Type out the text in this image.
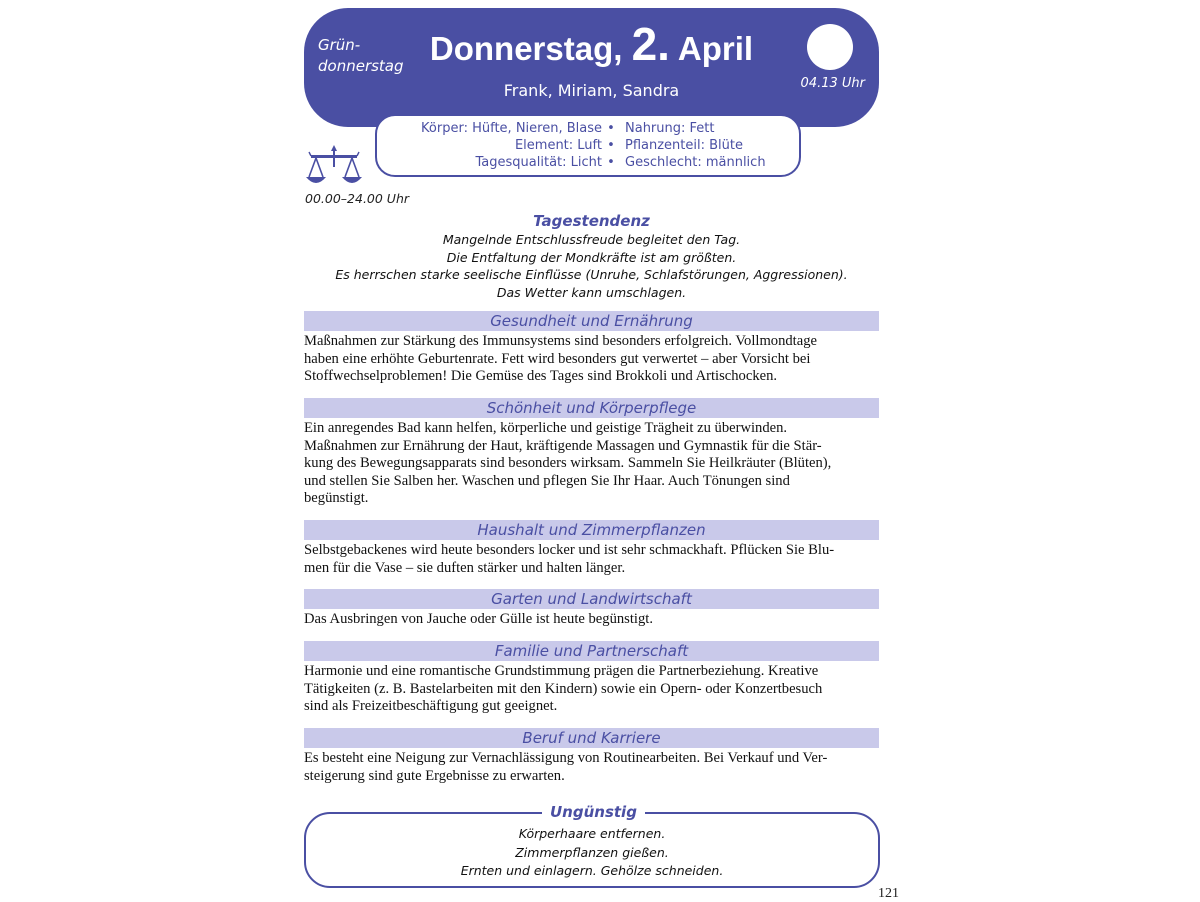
Grün-
donnerstag Donnerstag, 2. April
Frank, Miriam, Sandra	04.13 Uhr
Körper: Hüfte, Nieren, Blase • Nahrung: Fett
Element: Luft • Pflanzenteil: Blüte
Tagesqualität: Licht • Geschlecht: männlich
00.00–24.00 Uhr
Tagestendenz
Mangelnde Entschlussfreude begleitet den Tag.
Die Entfaltung der Mondkräfte ist am größten.
Es herrschen starke seelische Einflüsse (Unruhe, Schlafstörungen, Aggressionen).
Das Wetter kann umschlagen.
Gesundheit und Ernährung
Maßnahmen zur Stärkung des Immunsystems sind besonders erfolgreich. Vollmondtage
haben eine erhöhte Geburtenrate. Fett wird besonders gut verwertet – aber Vorsicht bei
Stoffwechselproblemen! Die Gemüse des Tages sind Brokkoli und Artischocken.
Schönheit und Körperpflege
Ein anregendes Bad kann helfen, körperliche und geistige Trägheit zu überwinden.
Maßnahmen zur Ernährung der Haut, kräftigende Massagen und Gymnastik für die Stär-
kung des Bewegungsapparats sind besonders wirksam. Sammeln Sie Heilkräuter (Blüten),
und stellen Sie Salben her. Waschen und pflegen Sie Ihr Haar. Auch Tönungen sind
begünstigt.
Haushalt und Zimmerpflanzen
Selbstgebackenes wird heute besonders locker und ist sehr schmackhaft. Pflücken Sie Blu-
men für die Vase – sie duften stärker und halten länger.
Garten und Landwirtschaft
Das Ausbringen von Jauche oder Gülle ist heute begünstigt.
Familie und Partnerschaft
Harmonie und eine romantische Grundstimmung prägen die Partnerbeziehung. Kreative
Tätigkeiten (z. B. Bastelarbeiten mit den Kindern) sowie ein Opern- oder Konzertbesuch
sind als Freizeitbeschäftigung gut geeignet.
Beruf und Karriere
Es besteht eine Neigung zur Vernachlässigung von Routinearbeiten. Bei Verkauf und Ver-
steigerung sind gute Ergebnisse zu erwarten.
Ungünstig
Körperhaare entfernen.
Zimmerpflanzen gießen.
Ernten und einlagern. Gehölze schneiden.
121
